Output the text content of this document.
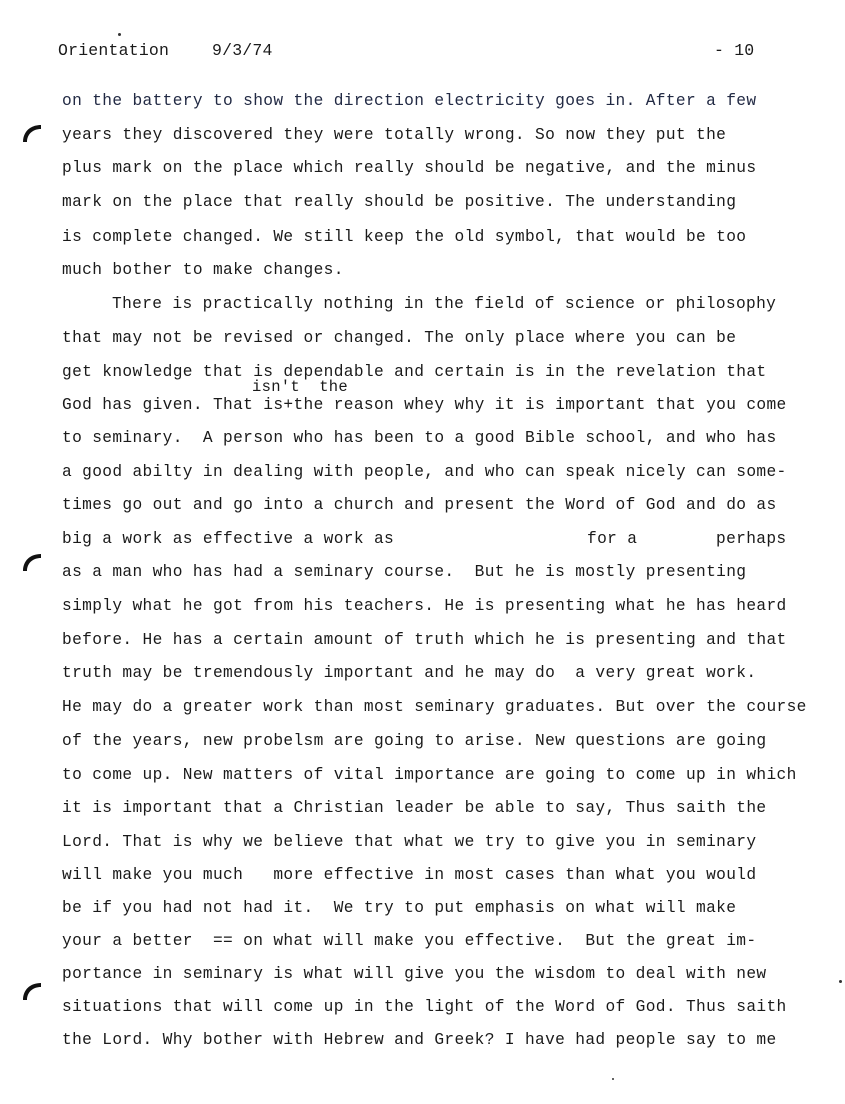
Orientation	9/3/74	- 10
on the battery to show the direction electricity goes in. After a few
years they discovered they were totally wrong. So now they put the
plus mark on the place which really should be negative, and the minus
mark on the place that really should be positive. The understanding
is complete changed. We still keep the old symbol, that would be too
much bother to make changes.
There is practically nothing in the field of science or philosophy
that may not be revised or changed. The only place where you can be
get knowledge that is dependable and certain is in the revelation that
isn't  the
God has given. That is+the reason whey why it is important that you come
to seminary.  A person who has been to a good Bible school, and who has
a good abilty in dealing with people, and who can speak nicely can some-
times go out and go into a church and present the Word of God and do as
big a work as effective a work as	for a	perhaps
as a man who has had a seminary course.  But he is mostly presenting
simply what he got from his teachers. He is presenting what he has heard
before. He has a certain amount of truth which he is presenting and that
truth may be tremendously important and he may do  a very great work.
He may do a greater work than most seminary graduates. But over the course
of the years, new probelsm are going to arise. New questions are going
to come up. New matters of vital importance are going to come up in which
it is important that a Christian leader be able to say, Thus saith the
Lord. That is why we believe that what we try to give you in seminary
will make you much   more effective in most cases than what you would
be if you had not had it.  We try to put emphasis on what will make
your a better  == on what will make you effective.  But the great im-
portance in seminary is what will give you the wisdom to deal with new
situations that will come up in the light of the Word of God. Thus saith
the Lord. Why bother with Hebrew and Greek? I have had people say to me
